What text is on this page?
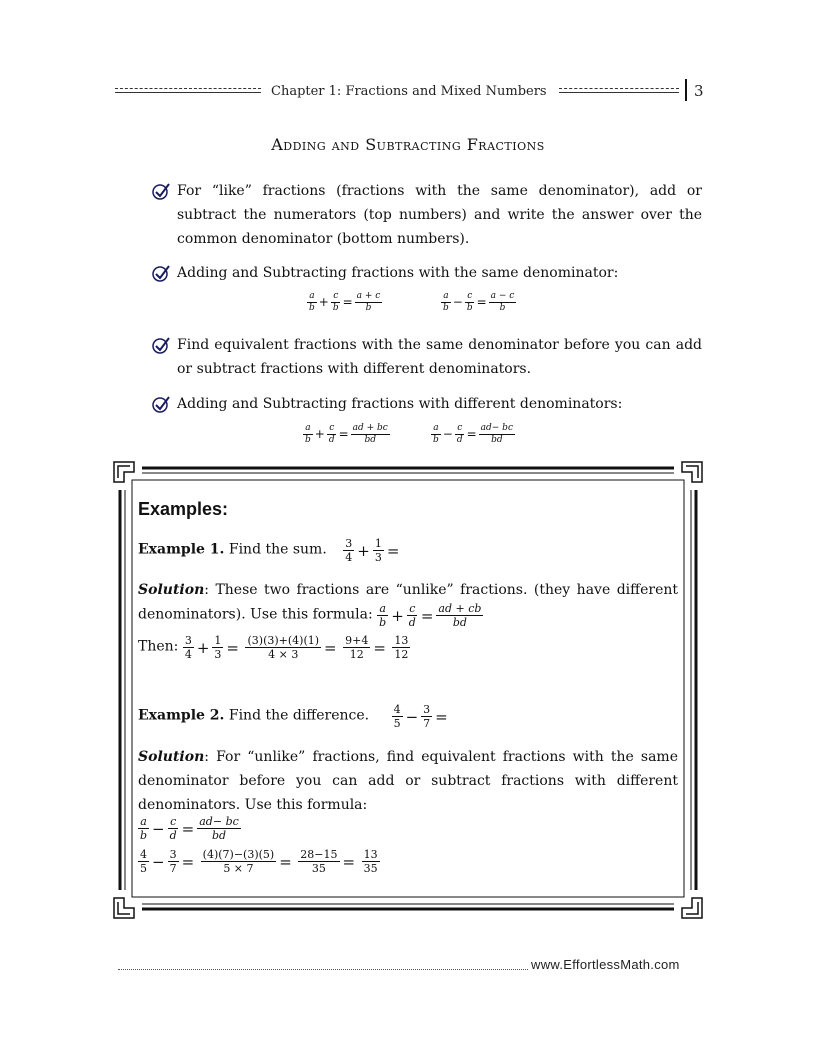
Chapter 1: Fractions and Mixed Numbers	3
Adding and Subtracting Fractions
For “like” fractions (fractions with the same denominator), add or subtract the numerators (top numbers) and write the answer over the common denominator (bottom numbers).
Adding and Subtracting fractions with the same denominator:
$\frac{a}{b} + \frac{c}{b} = \frac{a + c}{b}$	$\frac{a}{b} - \frac{c}{b} = \frac{a - c}{b}$
Find equivalent fractions with the same denominator before you can add or subtract fractions with different denominators.
Adding and Subtracting fractions with different denominators:
$\frac{a}{b} + \frac{c}{d} = \frac{ad + bc}{bd}$	$\frac{a}{b} - \frac{c}{d} = \frac{ad- bc}{bd}$
Examples:
Example 1. Find the sum. $\frac{3}{4} + \frac{1}{3}$ =
Solution: These two fractions are “unlike” fractions. (they have different denominators). Use this formula: $\frac{a}{b} + \frac{c}{d} = \frac{ad + cb}{bd}$
Then: $\frac{3}{4} + \frac{1}{3} = \frac{(3)(3)+(4)(1)}{4 \times 3} = \frac{9+4}{12} = \frac{13}{12}$
Example 2. Find the difference. $\frac{4}{5} - \frac{3}{7}$ =
Solution: For “unlike” fractions, find equivalent fractions with the same denominator before you can add or subtract fractions with different denominators. Use this formula:
$\frac{a}{b} - \frac{c}{d} = \frac{ad- bc}{bd}$
$\frac{4}{5} - \frac{3}{7} = \frac{(4)(7)-(3)(5)}{5 \times 7} = \frac{28-15}{35} = \frac{13}{35}$
www.EffortlessMath.com
